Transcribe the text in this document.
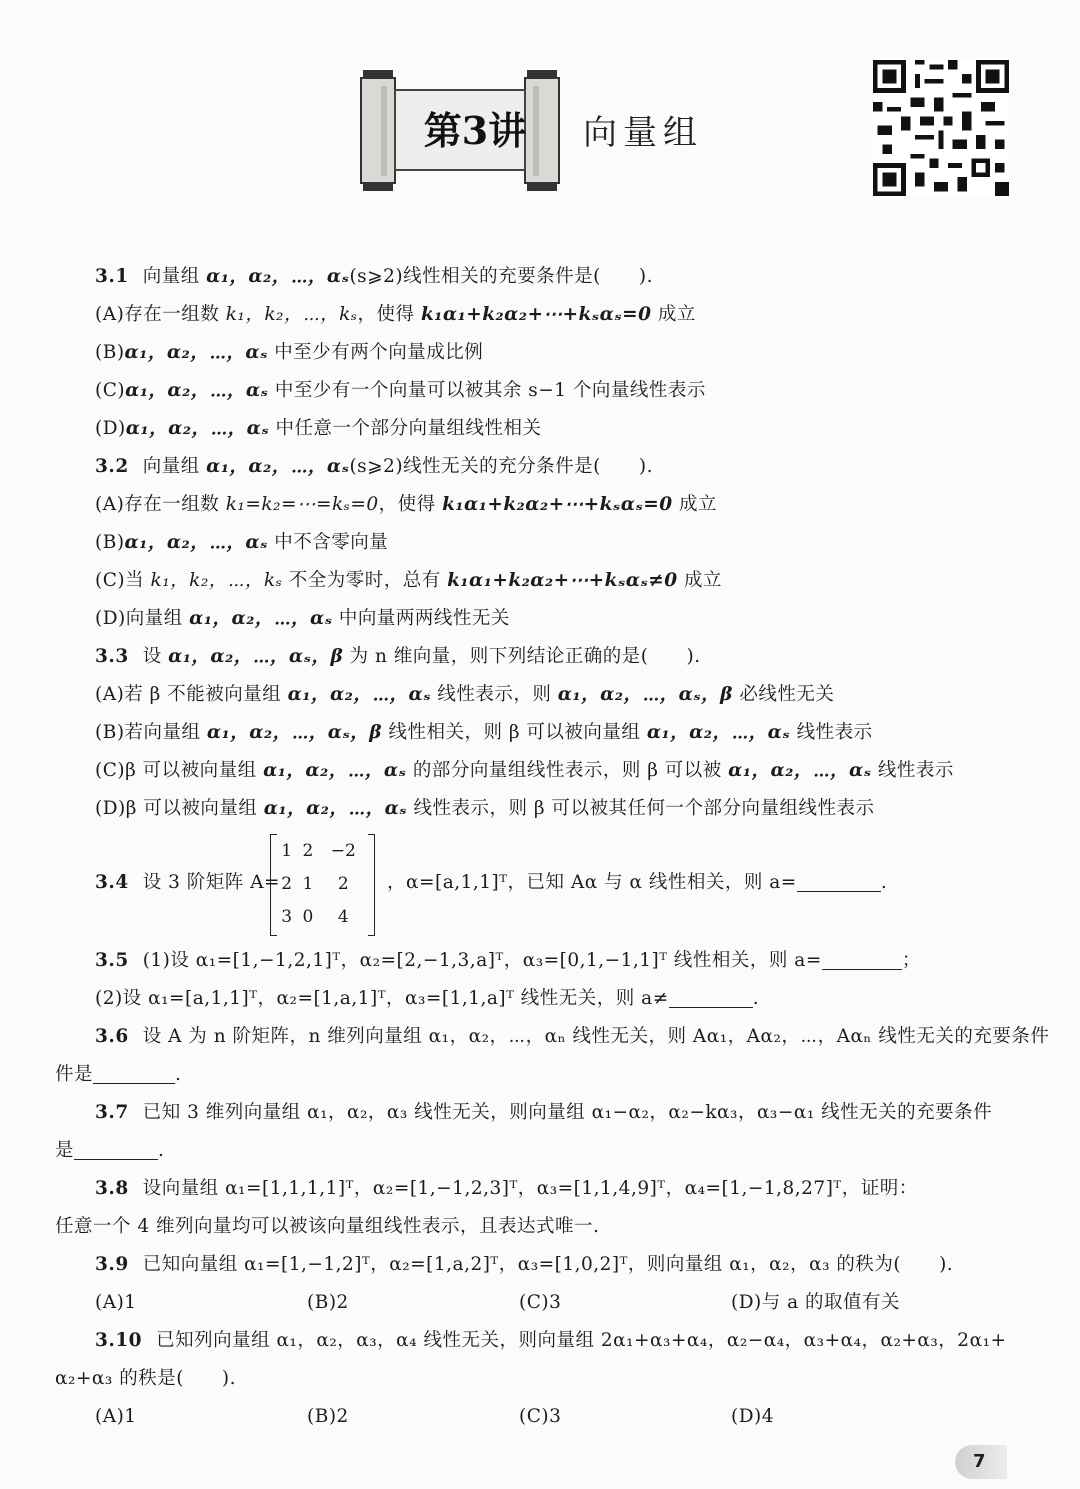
第3讲	向量组
3.1 向量组 α₁，α₂，⋯，αₛ(s⩾2)线性相关的充要条件是(　　).
(A)存在一组数 k₁，k₂，⋯，kₛ，使得 k₁α₁+k₂α₂+⋯+kₛαₛ=0 成立
(B)α₁，α₂，⋯，αₛ 中至少有两个向量成比例
(C)α₁，α₂，⋯，αₛ 中至少有一个向量可以被其余 s−1 个向量线性表示
(D)α₁，α₂，⋯，αₛ 中任意一个部分向量组线性相关
3.2 向量组 α₁，α₂，⋯，αₛ(s⩾2)线性无关的充分条件是(　　).
(A)存在一组数 k₁=k₂=⋯=kₛ=0，使得 k₁α₁+k₂α₂+⋯+kₛαₛ=0 成立
(B)α₁，α₂，⋯，αₛ 中不含零向量
(C)当 k₁，k₂，⋯，kₛ 不全为零时，总有 k₁α₁+k₂α₂+⋯+kₛαₛ≠0 成立
(D)向量组 α₁，α₂，⋯，αₛ 中向量两两线性无关
3.3 设 α₁，α₂，⋯，αₛ，β 为 n 维向量，则下列结论正确的是(　　).
(A)若 β 不能被向量组 α₁，α₂，⋯，αₛ 线性表示，则 α₁，α₂，⋯，αₛ，β 必线性无关
(B)若向量组 α₁，α₂，⋯，αₛ，β 线性相关，则 β 可以被向量组 α₁，α₂，⋯，αₛ 线性表示
(C)β 可以被向量组 α₁，α₂，⋯，αₛ 的部分向量组线性表示，则 β 可以被 α₁，α₂，⋯，αₛ 线性表示
(D)β 可以被向量组 α₁，α₂，⋯，αₛ 线性表示，则 β 可以被其任何一个部分向量组线性表示
3.4 设 3 阶矩阵 A=
1	2	−2
2	1	2
3	0	4
，α=[a,1,1]ᵀ，已知 Aα 与 α 线性相关，则 a=	.
3.5 (1)设 α₁=[1,−1,2,1]ᵀ，α₂=[2,−1,3,a]ᵀ，α₃=[0,1,−1,1]ᵀ 线性相关，则 a=	；
(2)设 α₁=[a,1,1]ᵀ，α₂=[1,a,1]ᵀ，α₃=[1,1,a]ᵀ 线性无关，则 a≠	.
3.6 设 A 为 n 阶矩阵，n 维列向量组 α₁，α₂，⋯，αₙ 线性无关，则 Aα₁，Aα₂，⋯，Aαₙ 线性无关的充要条件
件是	.
3.7 已知 3 维列向量组 α₁，α₂，α₃ 线性无关，则向量组 α₁−α₂，α₂−kα₃，α₃−α₁ 线性无关的充要条件
是	.
3.8 设向量组 α₁=[1,1,1,1]ᵀ，α₂=[1,−1,2,3]ᵀ，α₃=[1,1,4,9]ᵀ，α₄=[1,−1,8,27]ᵀ，证明：
任意一个 4 维列向量均可以被该向量组线性表示，且表达式唯一.
3.9 已知向量组 α₁=[1,−1,2]ᵀ，α₂=[1,a,2]ᵀ，α₃=[1,0,2]ᵀ，则向量组 α₁，α₂，α₃ 的秩为(　　).
(A)1	(B)2	(C)3	(D)与 a 的取值有关
3.10 已知列向量组 α₁，α₂，α₃，α₄ 线性无关，则向量组 2α₁+α₃+α₄，α₂−α₄，α₃+α₄，α₂+α₃，2α₁+
α₂+α₃ 的秩是(　　).
(A)1	(B)2	(C)3	(D)4
7
